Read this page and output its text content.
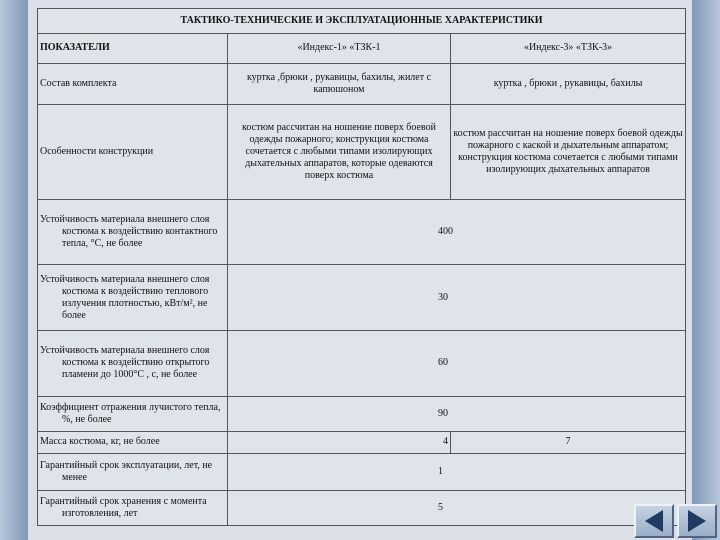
ТАКТИКО-ТЕХНИЧЕСКИЕ И ЭКСПЛУАТАЦИОННЫЕ ХАРАКТЕРИСТИКИ		
ПОКАЗАТЕЛИ	«Индекс-1» «ТЗК-1	«Индекс-3» «ТЗК-3»
Состав комплекта	куртка ,брюки , рукавицы, бахилы, жилет с капюшоном	куртка , брюки , рукавицы, бахилы
Особенности конструкции	костюм рассчитан на ношение поверх боевой одежды пожарного; конструкция костюма сочетается с любыми типами изолирующих дыхательных аппаратов, которые одеваются поверх костюма	костюм рассчитан на ношение поверх боевой одежды пожарного с каской и дыхательным аппаратом; конструкция костюма сочетается с любыми типами изолирующих дыхательных аппаратов

Устойчивость материала внешнего слоя костюма к воздействию контактного тепла, °С, не более	400	

Устойчивость материала внешнего слоя костюма к воздействию теплового излучения плотностью, кВт/м², не более	30	

Устойчивость материала внешнего слоя костюма к воздействию открытого пламени до 1000°С , с, не более	60	

Коэффициент отражения лучистого тепла, %, не более	90	
Масса костюма, кг, не более	4	7

Гарантийный срок эксплуатации, лет, не менее	1	

Гарантийный срок хранения с момента изготовления, лет	5	
